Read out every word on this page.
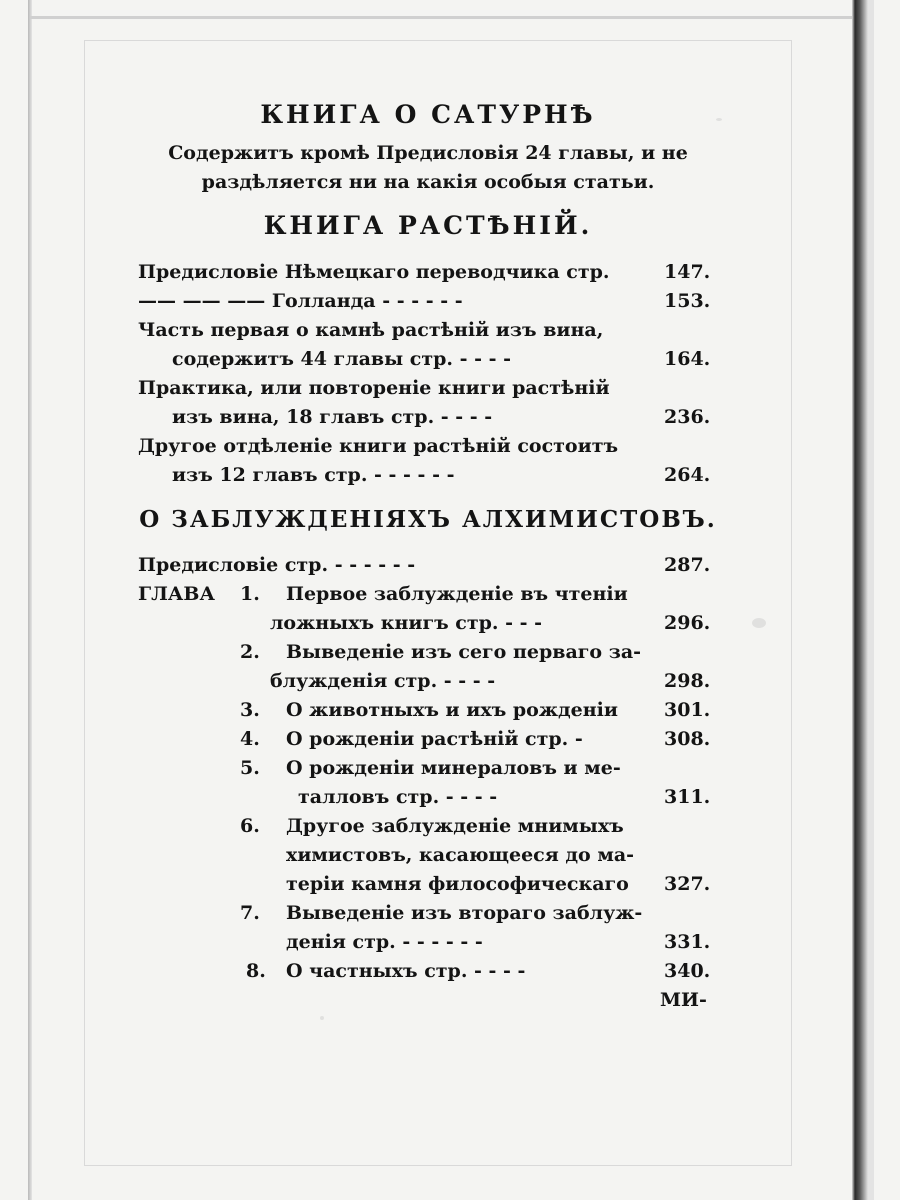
КНИГА О САТУРНѢ

Содержитъ кромѣ Предисловія 24 главы, и не
раздѣляется ни на какія особыя статьи.

КНИГА РАСТѢНІЙ.

Предисловіе Нѣмецкаго переводчика стр.	147.
—— —— —— Голланда - - - - - -	153.
Часть первая о камнѣ растѣній изъ вина,
содержитъ 44 главы стр. - - - -	164.
Практика, или повтореніе книги растѣній
изъ вина, 18 главъ стр. - - - -	236.
Другое отдѣленіе книги растѣній состоитъ
изъ 12 главъ стр. - - - - - -	264.

О ЗАБЛУЖДЕНІЯХЪ АЛХИМИСТОВЪ.

Предисловіе стр. - - - - - -	287.
ГЛАВА 1. Первое заблужденіе въ чтеніи
ложныхъ книгъ стр. - - -	296.
2. Выведеніе изъ сего перваго за-
блужденія стр. - - - -	298.
3. О животныхъ и ихъ рожденіи 301.
4. О рожденіи растѣній стр. -	308.
5. О рожденіи минераловъ и ме-
талловъ стр. - - - -	311.
6. Другое заблужденіе мнимыхъ
химистовъ, касающееся до ма-
теріи камня философическаго 327.
7. Выведеніе изъ втораго заблуж-
денія стр. - - - - - -	331.
8. О частныхъ стр. - - - -	340.
МИ-
